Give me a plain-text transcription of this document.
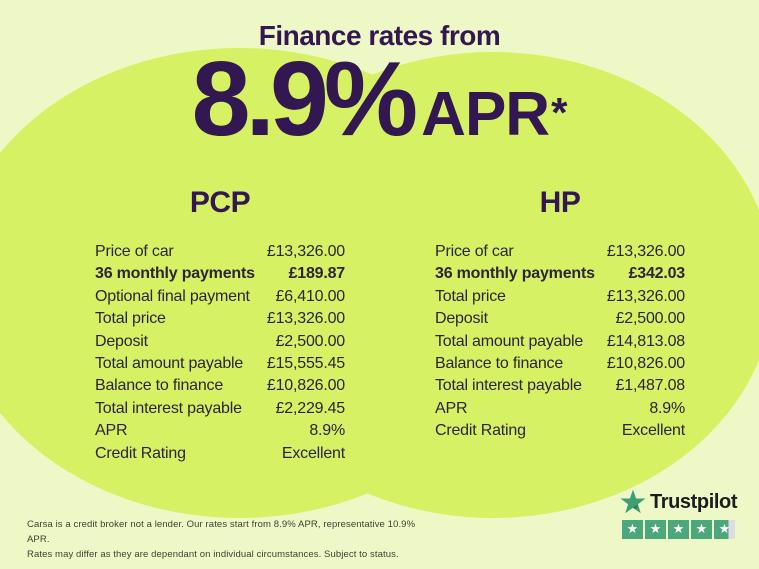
Finance rates from
8.9% APR *
PCP
Price of car	£13,326.00
36 monthly payments £189.87
Optional final payment £6,410.00
Total price	£13,326.00
Deposit	£2,500.00
Total amount payable £15,555.45
Balance to finance	£10,826.00
Total interest payable £2,229.45
APR	8.9%
Credit Rating	Excellent
HP
Price of car	£13,326.00
36 monthly payments £342.03
Total price	£13,326.00
Deposit	£2,500.00
Total amount payable £14,813.08
Balance to finance	£10,826.00
Total interest payable £1,487.08
APR	8.9%
Credit Rating	Excellent
Carsa is a credit broker not a lender. Our rates start from 8.9% APR, representative 10.9% APR.
Rates may differ as they are dependant on individual circumstances. Subject to status.
Trustpilot
★ ★ ★ ★ ★
